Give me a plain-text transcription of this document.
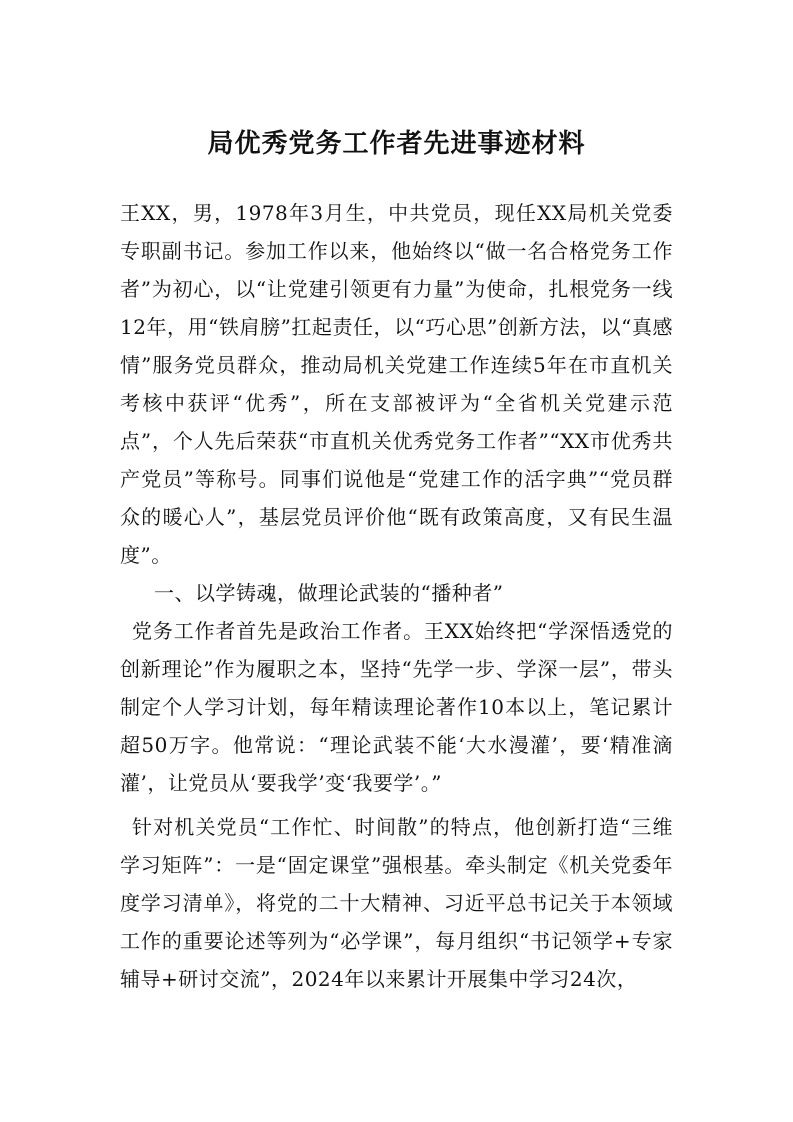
局优秀党务工作者先进事迹材料

王XX，男，1978年3月生，中共党员，现任XX局机关党委专职副书记。参加工作以来，他始终以“做一名合格党务工作者”为初心，以“让党建引领更有力量”为使命，扎根党务一线12年，用“铁肩膀”扛起责任，以“巧心思”创新方法，以“真感情”服务党员群众，推动局机关党建工作连续5年在市直机关考核中获评“优秀”，所在支部被评为“全省机关党建示范点”，个人先后荣获“市直机关优秀党务工作者”“XX市优秀共产党员”等称号。同事们说他是“党建工作的活字典”“党员群众的暖心人”，基层党员评价他“既有政策高度，又有民生温度”。

一、以学铸魂，做理论武装的“播种者”

党务工作者首先是政治工作者。王XX始终把“学深悟透党的创新理论”作为履职之本，坚持“先学一步、学深一层”，带头制定个人学习计划，每年精读理论著作10本以上，笔记累计超50万字。他常说：“理论武装不能‘大水漫灌’，要‘精准滴灌’，让党员从‘要我学’变‘我要学’。”

针对机关党员“工作忙、时间散”的特点，他创新打造“三维学习矩阵”：一是“固定课堂”强根基。牵头制定《机关党委年度学习清单》，将党的二十大精神、习近平总书记关于本领域工作的重要论述等列为“必学课”，每月组织“书记领学+专家辅导+研讨交流”，2024年以来累计开展集中学习24次，
